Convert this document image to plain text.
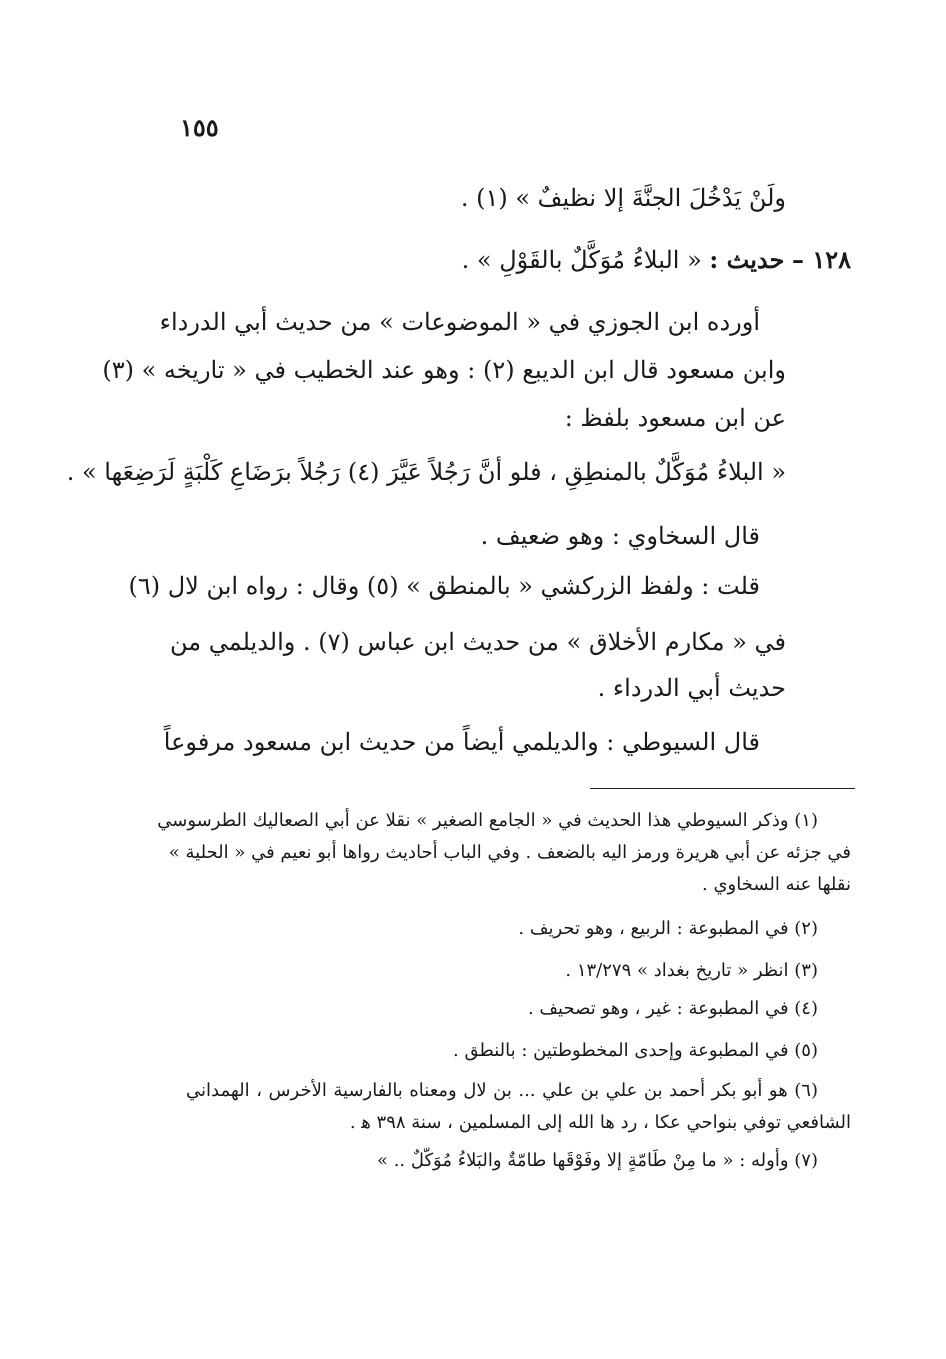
١٥٥
ولَنْ يَدْخُلَ الجنَّةَ إلا نظيفٌ » (١) .
١٢٨ – حديث : « البلاءُ مُوَكَّلٌ بالقَوْلِ » .
أورده ابن الجوزي في « الموضوعات » من حديث أبي الدرداء
وابن مسعود قال ابن الديبع (٢) : وهو عند الخطيب في « تاريخه » (٣)
عن ابن مسعود بلفظ :
« البلاءُ مُوَكَّلٌ بالمنطِقِ ، فلو أنَّ رَجُلاً عَيَّرَ (٤) رَجُلاً برَضَاعِ كَلْبَةٍ لَرَضِعَها » .
قال السخاوي : وهو ضعيف .
قلت : ولفظ الزركشي « بالمنطق » (٥) وقال : رواه ابن لال (٦)
في « مكارم الأخلاق » من حديث ابن عباس (٧) . والديلمي من
حديث أبي الدرداء .
قال السيوطي : والديلمي أيضاً من حديث ابن مسعود مرفوعاً
(١) وذكر السيوطي هذا الحديث في « الجامع الصغير » نقلا عن أبي الصعاليك الطرسوسي
في جزئه عن أبي هريرة ورمز اليه بالضعف . وفي الباب أحاديث رواها أبو نعيم في « الحلية »
نقلها عنه السخاوي .
(٢) في المطبوعة : الربيع ، وهو تحريف .
(٣) انظر « تاريخ بغداد » ١٣/٢٧٩ .
(٤) في المطبوعة : غير ، وهو تصحيف .
(٥) في المطبوعة وإحدى المخطوطتين : بالنطق .
(٦) هو أبو بكر أحمد بن علي بن علي ... بن لال ومعناه بالفارسية الأخرس ، الهمداني
الشافعي توفي بنواحي عكا ، رد ها الله إلى المسلمين ، سنة ٣٩٨ ﻫ .
(٧) وأوله : « ما مِنْ طَامّةٍ إلا وفَوْقَها طامّةٌ والبَلاءُ مُوَكّلٌ .. »
